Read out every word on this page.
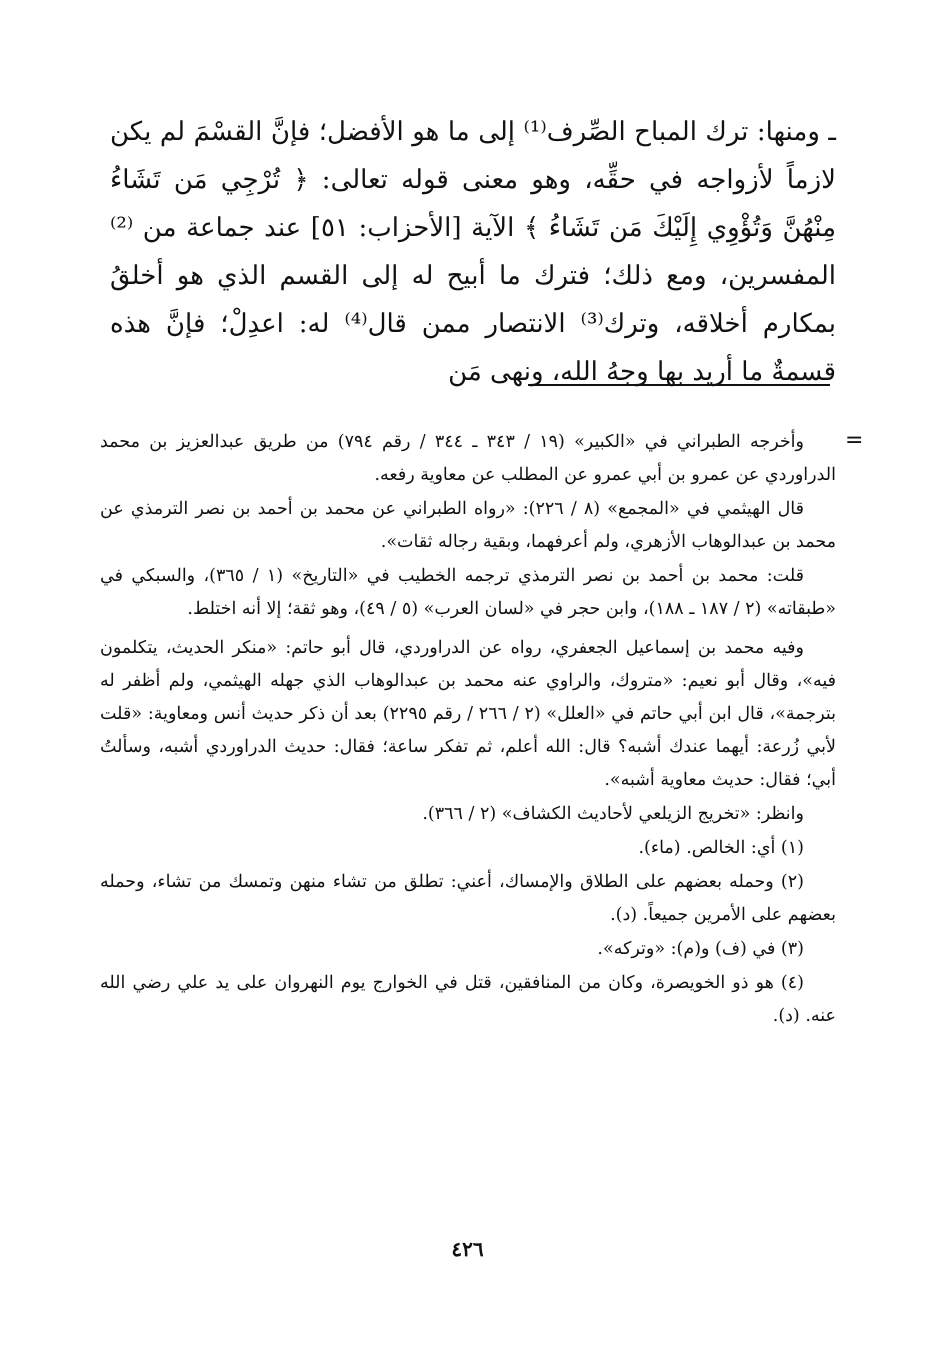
ـ ومنها: ترك المباح الصِّرف⁽¹⁾ إلى ما هو الأفضل؛ فإنَّ القسْمَ لم يكن لازماً لأزواجه في حقِّه، وهو معنى قوله تعالى: ﴿ تُرْجِي مَن تَشَاءُ مِنْهُنَّ وَتُؤْوِي إِلَيْكَ مَن تَشَاءُ ﴾ الآية [الأحزاب: ٥١] عند جماعة من ⁽²⁾ المفسرين، ومع ذلك؛ فترك ما أبيح له إلى القسم الذي هو أخلقُ بمكارم أخلاقه، وترك⁽³⁾ الانتصار ممن قال⁽⁴⁾ له: اعدِلْ؛ فإنَّ هذه قسمةٌ ما أريد بها وجهُ الله، ونهى مَن

=

وأخرجه الطبراني في «الكبير» (١٩ / ٣٤٣ ـ ٣٤٤ / رقم ٧٩٤) من طريق عبدالعزيز بن محمد الدراوردي عن عمرو بن أبي عمرو عن المطلب عن معاوية رفعه.

قال الهيثمي في «المجمع» (٨ / ٢٢٦): «رواه الطبراني عن محمد بن أحمد بن نصر الترمذي عن محمد بن عبدالوهاب الأزهري، ولم أعرفهما، وبقية رجاله ثقات».

قلت: محمد بن أحمد بن نصر الترمذي ترجمه الخطيب في «التاريخ» (١ / ٣٦٥)، والسبكي في «طبقاته» (٢ / ١٨٧ ـ ١٨٨)، وابن حجر في «لسان العرب» (٥ / ٤٩)، وهو ثقة؛ إلا أنه اختلط.

وفيه محمد بن إسماعيل الجعفري، رواه عن الدراوردي، قال أبو حاتم: «منكر الحديث، يتكلمون فيه»، وقال أبو نعيم: «متروك، والراوي عنه محمد بن عبدالوهاب الذي جهله الهيثمي، ولم أظفر له بترجمة»، قال ابن أبي حاتم في «العلل» (٢ / ٢٦٦ / رقم ٢٢٩٥) بعد أن ذكر حديث أنس ومعاوية: «قلت لأبي زُرعة: أيهما عندك أشبه؟ قال: الله أعلم، ثم تفكر ساعة؛ فقال: حديث الدراوردي أشبه، وسألتُ أبي؛ فقال: حديث معاوية أشبه».

وانظر: «تخريج الزيلعي لأحاديث الكشاف» (٢ / ٣٦٦).

(١) أي: الخالص. (ماء).

(٢) وحمله بعضهم على الطلاق والإمساك، أعني: تطلق من تشاء منهن وتمسك من تشاء، وحمله بعضهم على الأمرين جميعاً. (د).

(٣) في (ف) و(م): «وتركه».

(٤) هو ذو الخويصرة، وكان من المنافقين، قتل في الخوارج يوم النهروان على يد علي رضي الله عنه. (د).

٤٢٦
